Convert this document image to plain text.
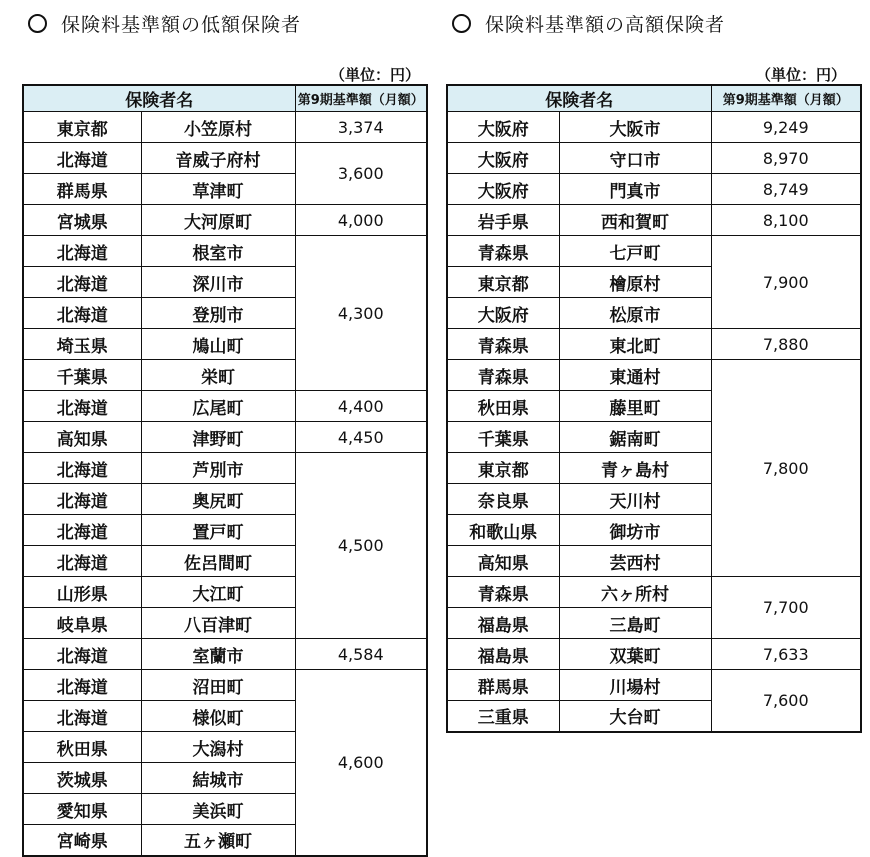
保険料基準額の低額保険者
（単位：円）
保険者名		第9期基準額（月額）
東京都	小笠原村	3,374
北海道	音威子府村	3,600
群馬県	草津町	
宮城県	大河原町	4,000
北海道	根室市	4,300
北海道	深川市	
北海道	登別市	
埼玉県	鳩山町	
千葉県	栄町	
北海道	広尾町	4,400
高知県	津野町	4,450
北海道	芦別市	4,500
北海道	奥尻町	
北海道	置戸町	
北海道	佐呂間町	
山形県	大江町	
岐阜県	八百津町	
北海道	室蘭市	4,584
北海道	沼田町	4,600
北海道	様似町	
秋田県	大潟村	
茨城県	結城市	
愛知県	美浜町	
宮崎県	五ヶ瀬町	
保険料基準額の高額保険者
（単位：円）
保険者名		第9期基準額（月額）
大阪府	大阪市	9,249
大阪府	守口市	8,970
大阪府	門真市	8,749
岩手県	西和賀町	8,100
青森県	七戸町	7,900
東京都	檜原村	
大阪府	松原市	
青森県	東北町	7,880
青森県	東通村	7,800
秋田県	藤里町	
千葉県	鋸南町	
東京都	青ヶ島村	
奈良県	天川村	
和歌山県	御坊市	
高知県	芸西村	
青森県	六ヶ所村	7,700
福島県	三島町	
福島県	双葉町	7,633
群馬県	川場村	7,600
三重県	大台町	
